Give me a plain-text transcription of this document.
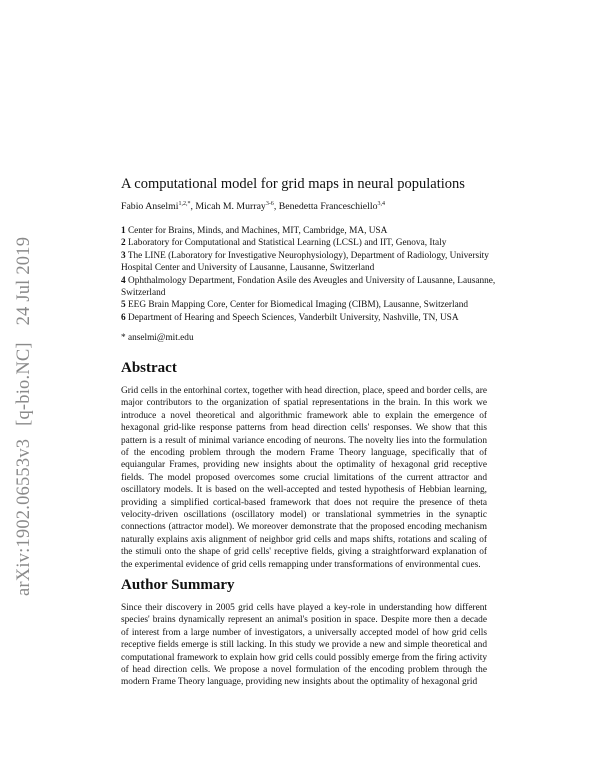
arXiv:1902.06553v3 [q-bio.NC] 24 Jul 2019
A computational model for grid maps in neural populations
Fabio Anselmi$^{1,2,*}$, Micah M. Murray$^{3-6}$, Benedetta Franceschiello$^{3,4}$
1 Center for Brains, Minds, and Machines, MIT, Cambridge, MA, USA
2 Laboratory for Computational and Statistical Learning (LCSL) and IIT, Genova, Italy
3 The LINE (Laboratory for Investigative Neurophysiology), Department of Radiology, University Hospital Center and University of Lausanne, Lausanne, Switzerland
4 Ophthalmology Department, Fondation Asile des Aveugles and University of Lausanne, Lausanne, Switzerland
5 EEG Brain Mapping Core, Center for Biomedical Imaging (CIBM), Lausanne, Switzerland
6 Department of Hearing and Speech Sciences, Vanderbilt University, Nashville, TN, USA
* anselmi@mit.edu
Abstract
Grid cells in the entorhinal cortex, together with head direction, place, speed and border cells, are major contributors to the organization of spatial representations in the brain. In this work we introduce a novel theoretical and algorithmic framework able to explain the emergence of hexagonal grid-like response patterns from head direction cells' responses. We show that this pattern is a result of minimal variance encoding of neurons. The novelty lies into the formulation of the encoding problem through the modern Frame Theory language, specifically that of equiangular Frames, providing new insights about the optimality of hexagonal grid receptive fields. The model proposed overcomes some crucial limitations of the current attractor and oscillatory models. It is based on the well-accepted and tested hypothesis of Hebbian learning, providing a simplified cortical-based framework that does not require the presence of theta velocity-driven oscillations (oscillatory model) or translational symmetries in the synaptic connections (attractor model). We moreover demonstrate that the proposed encoding mechanism naturally explains axis alignment of neighbor grid cells and maps shifts, rotations and scaling of the stimuli onto the shape of grid cells' receptive fields, giving a straightforward explanation of the experimental evidence of grid cells remapping under transformations of environmental cues.
Author Summary
Since their discovery in 2005 grid cells have played a key-role in understanding how different species' brains dynamically represent an animal's position in space. Despite more then a decade of interest from a large number of investigators, a universally accepted model of how grid cells receptive fields emerge is still lacking. In this study we provide a new and simple theoretical and computational framework to explain how grid cells could possibly emerge from the firing activity of head direction cells. We propose a novel formulation of the encoding problem through the modern Frame Theory language, providing new insights about the optimality of hexagonal grid
